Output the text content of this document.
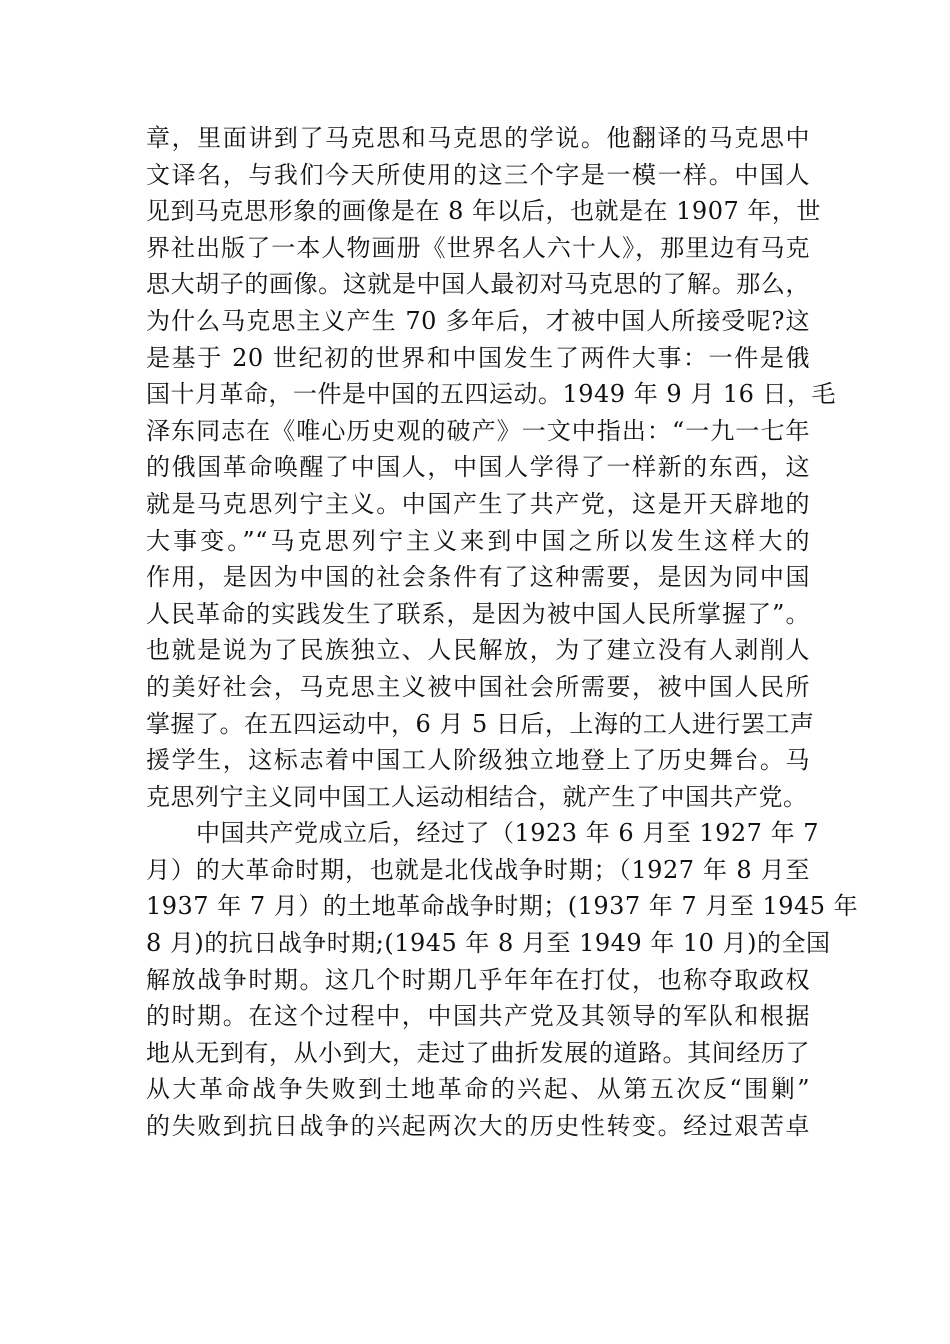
章，里面讲到了马克思和马克思的学说。他翻译的马克思中
文译名，与我们今天所使用的这三个字是一模一样。中国人
见到马克思形象的画像是在 8 年以后，也就是在 1907 年，世
界社出版了一本人物画册《世界名人六十人》，那里边有马克
思大胡子的画像。这就是中国人最初对马克思的了解。那么，
为什么马克思主义产生 70 多年后，才被中国人所接受呢?这
是基于 20 世纪初的世界和中国发生了两件大事：一件是俄
国十月革命，一件是中国的五四运动。1949 年 9 月 16 日，毛
泽东同志在《唯心历史观的破产》一文中指出：“一九一七年
的俄国革命唤醒了中国人，中国人学得了一样新的东西，这
就是马克思列宁主义。中国产生了共产党，这是开天辟地的
大事变。”“马克思列宁主义来到中国之所以发生这样大的
作用，是因为中国的社会条件有了这种需要，是因为同中国
人民革命的实践发生了联系，是因为被中国人民所掌握了”。
也就是说为了民族独立、人民解放，为了建立没有人剥削人
的美好社会，马克思主义被中国社会所需要，被中国人民所
掌握了。在五四运动中，6 月 5 日后，上海的工人进行罢工声
援学生，这标志着中国工人阶级独立地登上了历史舞台。马
克思列宁主义同中国工人运动相结合，就产生了中国共产党。
中国共产党成立后，经过了（1923 年 6 月至 1927 年 7
月）的大革命时期，也就是北伐战争时期；（1927 年 8 月至
1937 年 7 月）的土地革命战争时期；(1937 年 7 月至 1945 年
8 月)的抗日战争时期;(1945 年 8 月至 1949 年 10 月)的全国
解放战争时期。这几个时期几乎年年在打仗，也称夺取政权
的时期。在这个过程中，中国共产党及其领导的军队和根据
地从无到有，从小到大，走过了曲折发展的道路。其间经历了
从大革命战争失败到土地革命的兴起、从第五次反“围剿”
的失败到抗日战争的兴起两次大的历史性转变。经过艰苦卓
